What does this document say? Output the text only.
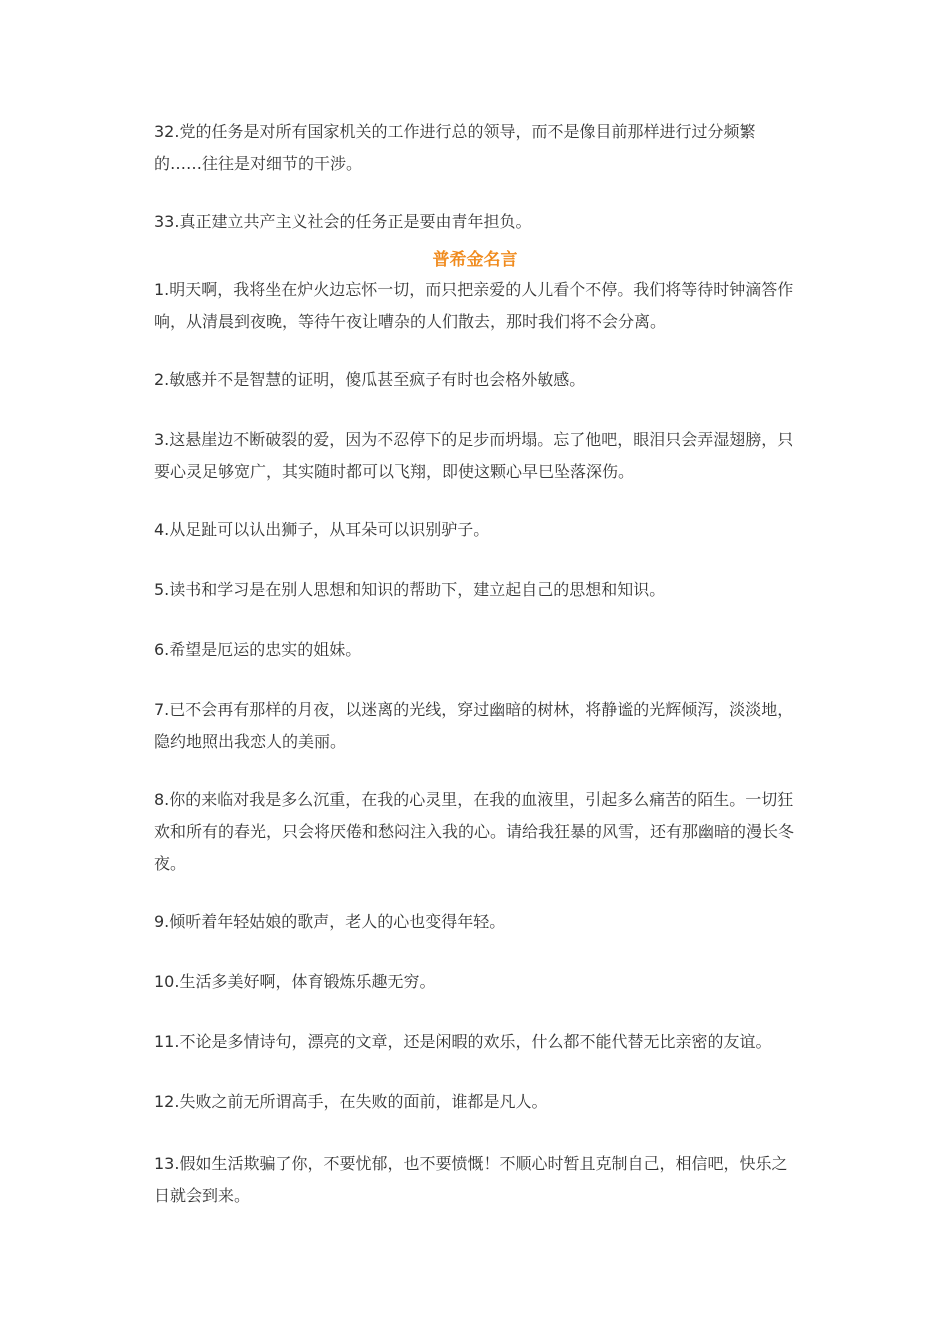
32.党的任务是对所有国家机关的工作进行总的领导，而不是像目前那样进行过分频繁的……往往是对细节的干涉。

33.真正建立共产主义社会的任务正是要由青年担负。

普希金名言

1.明天啊，我将坐在炉火边忘怀一切，而只把亲爱的人儿看个不停。我们将等待时钟滴答作响，从清晨到夜晚，等待午夜让嘈杂的人们散去，那时我们将不会分离。

2.敏感并不是智慧的证明，傻瓜甚至疯子有时也会格外敏感。

3.这悬崖边不断破裂的爱，因为不忍停下的足步而坍塌。忘了他吧，眼泪只会弄湿翅膀，只要心灵足够宽广，其实随时都可以飞翔，即使这颗心早巳坠落深伤。

4.从足趾可以认出狮子，从耳朵可以识别驴子。

5.读书和学习是在别人思想和知识的帮助下，建立起自己的思想和知识。

6.希望是厄运的忠实的姐妹。

7.已不会再有那样的月夜，以迷离的光线，穿过幽暗的树林，将静谧的光辉倾泻，淡淡地，隐约地照出我恋人的美丽。

8.你的来临对我是多么沉重，在我的心灵里，在我的血液里，引起多么痛苦的陌生。一切狂欢和所有的春光，只会将厌倦和愁闷注入我的心。请给我狂暴的风雪，还有那幽暗的漫长冬夜。

9.倾听着年轻姑娘的歌声，老人的心也变得年轻。

10.生活多美好啊，体育锻炼乐趣无穷。

11.不论是多情诗句，漂亮的文章，还是闲暇的欢乐，什么都不能代替无比亲密的友谊。

12.失败之前无所谓高手，在失败的面前，谁都是凡人。

13.假如生活欺骗了你，不要忧郁，也不要愤慨！不顺心时暂且克制自己，相信吧，快乐之日就会到来。
